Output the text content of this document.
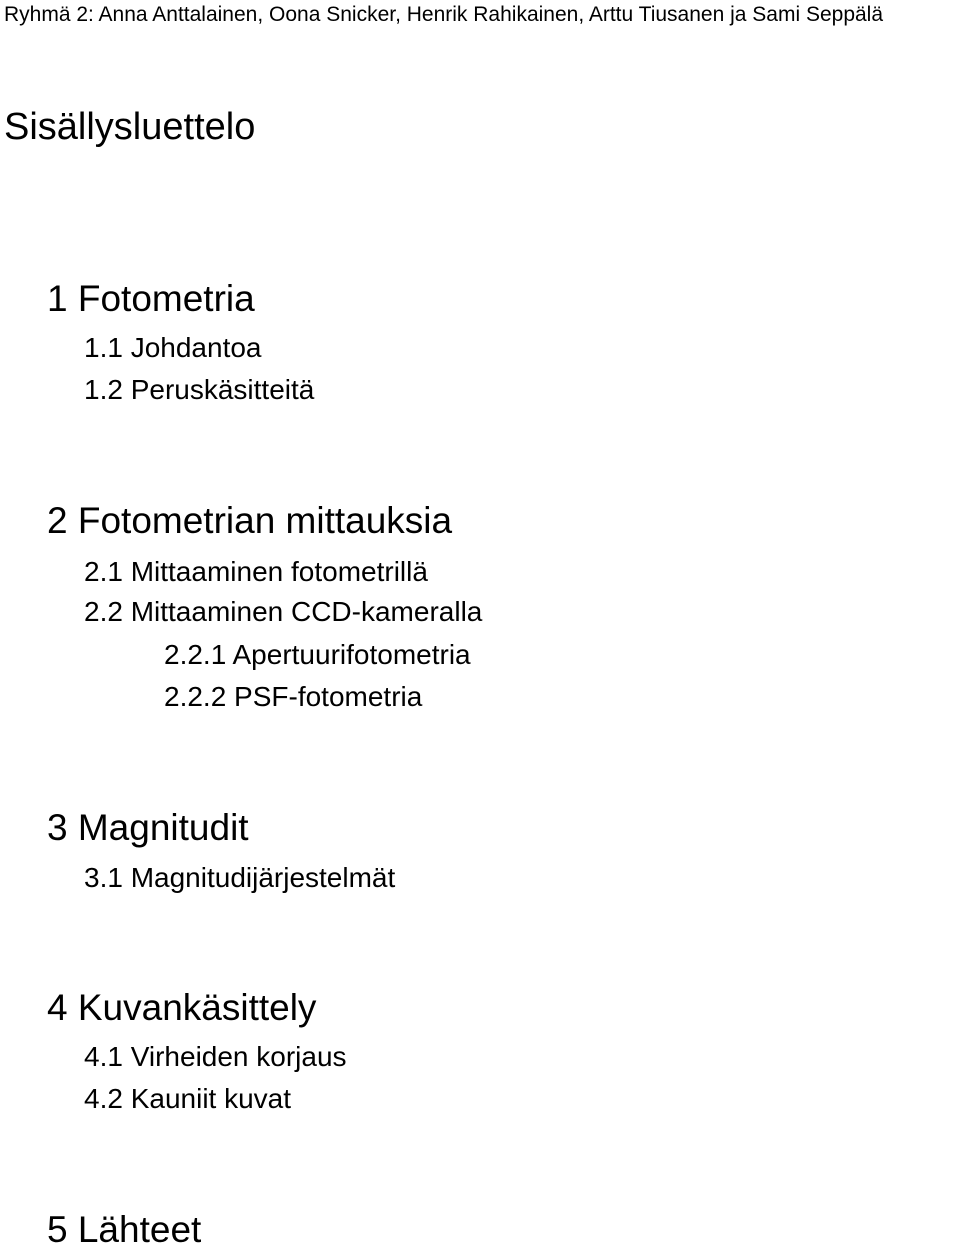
Ryhmä 2: Anna Anttalainen, Oona Snicker, Henrik Rahikainen, Arttu Tiusanen ja Sami Seppälä
Sisällysluettelo
1 Fotometria
1.1 Johdantoa
1.2 Peruskäsitteitä
2 Fotometrian mittauksia
2.1 Mittaaminen fotometrillä
2.2 Mittaaminen CCD-kameralla
2.2.1 Apertuurifotometria
2.2.2 PSF-fotometria
3 Magnitudit
3.1 Magnitudijärjestelmät
4 Kuvankäsittely
4.1 Virheiden korjaus
4.2 Kauniit kuvat
5 Lähteet
